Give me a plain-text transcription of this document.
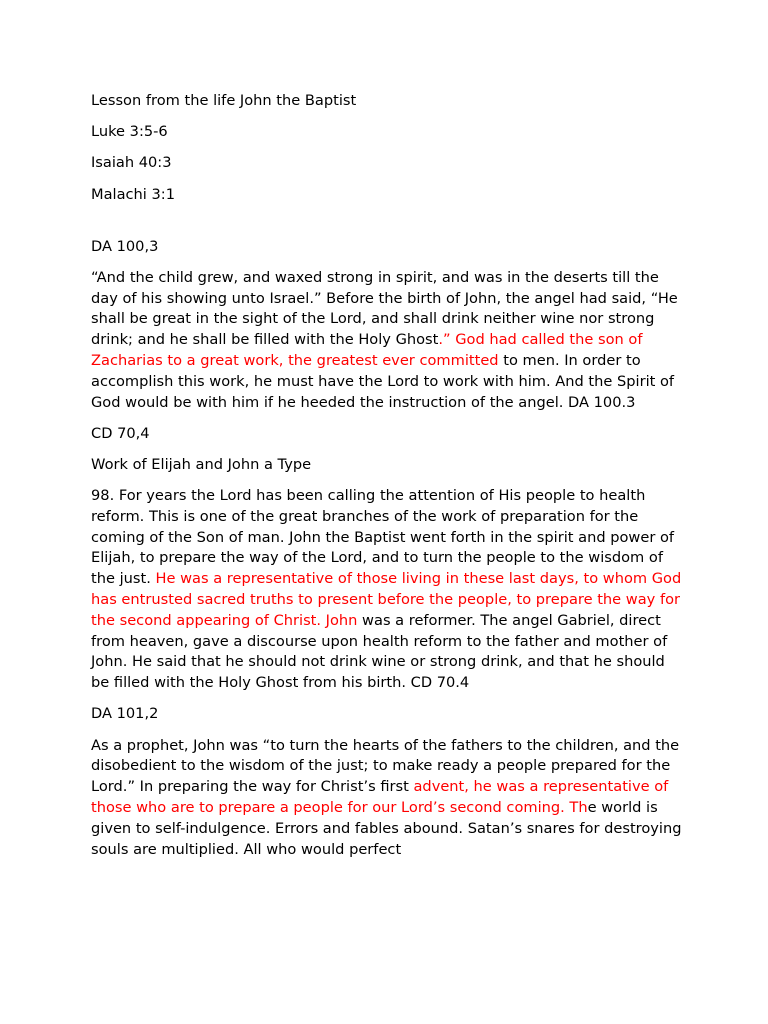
Lesson from the life John the Baptist

Luke 3:5-6

Isaiah 40:3

Malachi 3:1

DA 100,3

“And the child grew, and waxed strong in spirit, and was in the deserts till the day of his showing unto Israel.” Before the birth of John, the angel had said, “He shall be great in the sight of the Lord, and shall drink neither wine nor strong drink; and he shall be filled with the Holy Ghost.” God had called the son of Zacharias to a great work, the greatest ever committed to men. In order to accomplish this work, he must have the Lord to work with him. And the Spirit of God would be with him if he heeded the instruction of the angel. DA 100.3

CD 70,4

Work of Elijah and John a Type

98. For years the Lord has been calling the attention of His people to health reform. This is one of the great branches of the work of preparation for the coming of the Son of man. John the Baptist went forth in the spirit and power of Elijah, to prepare the way of the Lord, and to turn the people to the wisdom of the just. He was a representative of those living in these last days, to whom God has entrusted sacred truths to present before the people, to prepare the way for the second appearing of Christ. John was a reformer. The angel Gabriel, direct from heaven, gave a discourse upon health reform to the father and mother of John. He said that he should not drink wine or strong drink, and that he should be filled with the Holy Ghost from his birth. CD 70.4

DA 101,2

As a prophet, John was “to turn the hearts of the fathers to the children, and the disobedient to the wisdom of the just; to make ready a people prepared for the Lord.” In preparing the way for Christ’s first advent, he was a representative of those who are to prepare a people for our Lord’s second coming. The world is given to self-indulgence. Errors and fables abound. Satan’s snares for destroying souls are multiplied. All who would perfect
